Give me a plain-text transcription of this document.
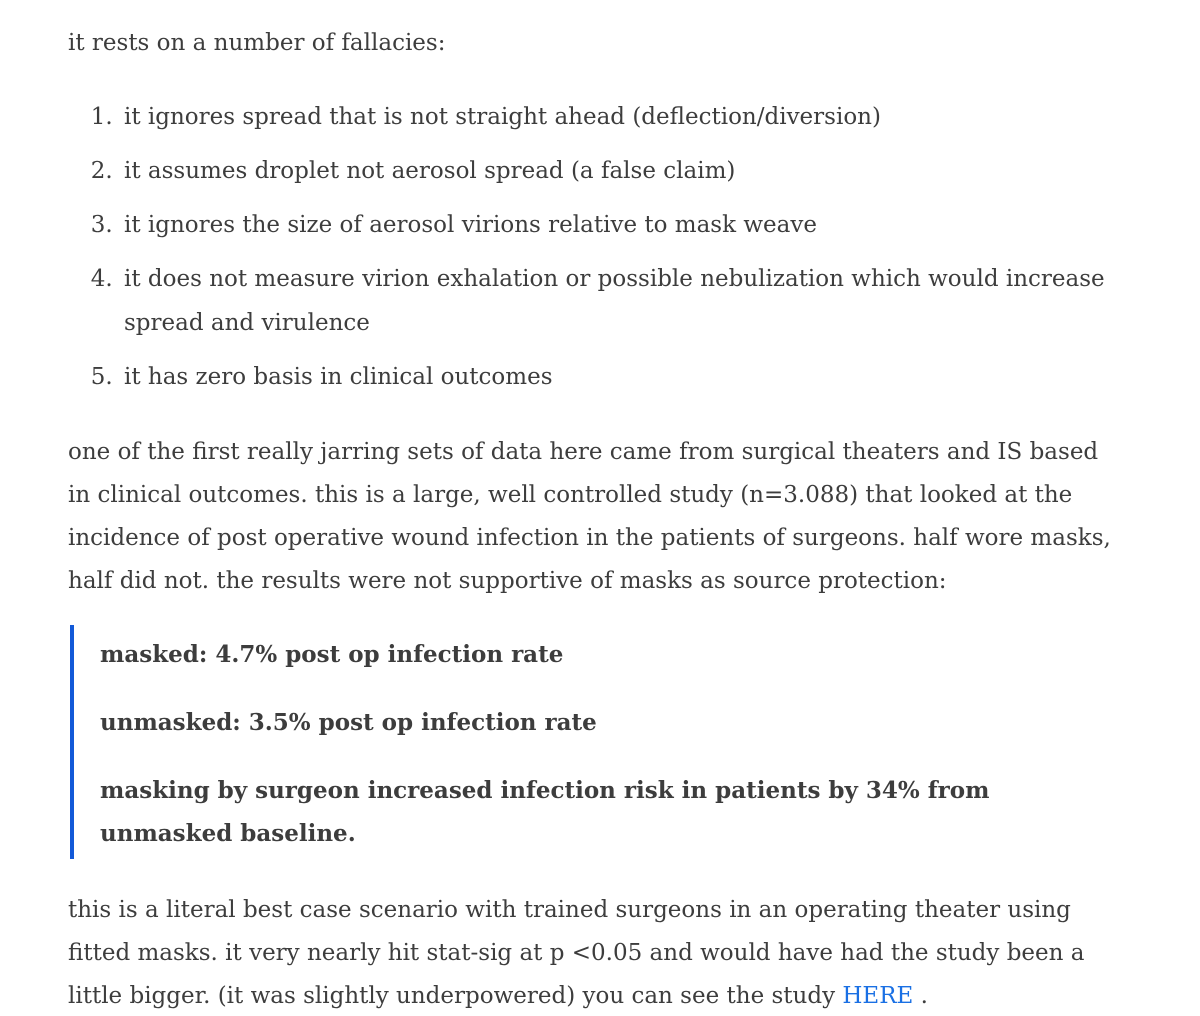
it rests on a number of fallacies:

1. it ignores spread that is not straight ahead (deflection/diversion)
2. it assumes droplet not aerosol spread (a false claim)
3. it ignores the size of aerosol virions relative to mask weave
4. it does not measure virion exhalation or possible nebulization which would increase spread and virulence
5. it has zero basis in clinical outcomes

one of the first really jarring sets of data here came from surgical theaters and IS based in clinical outcomes. this is a large, well controlled study (n=3.088) that looked at the incidence of post operative wound infection in the patients of surgeons. half wore masks, half did not. the results were not supportive of masks as source protection:

masked: 4.7% post op infection rate

unmasked: 3.5% post op infection rate

masking by surgeon increased infection risk in patients by 34% from unmasked baseline.

this is a literal best case scenario with trained surgeons in an operating theater using fitted masks. it very nearly hit stat-sig at p <0.05 and would have had the study been a little bigger. (it was slightly underpowered) you can see the study HERE .
